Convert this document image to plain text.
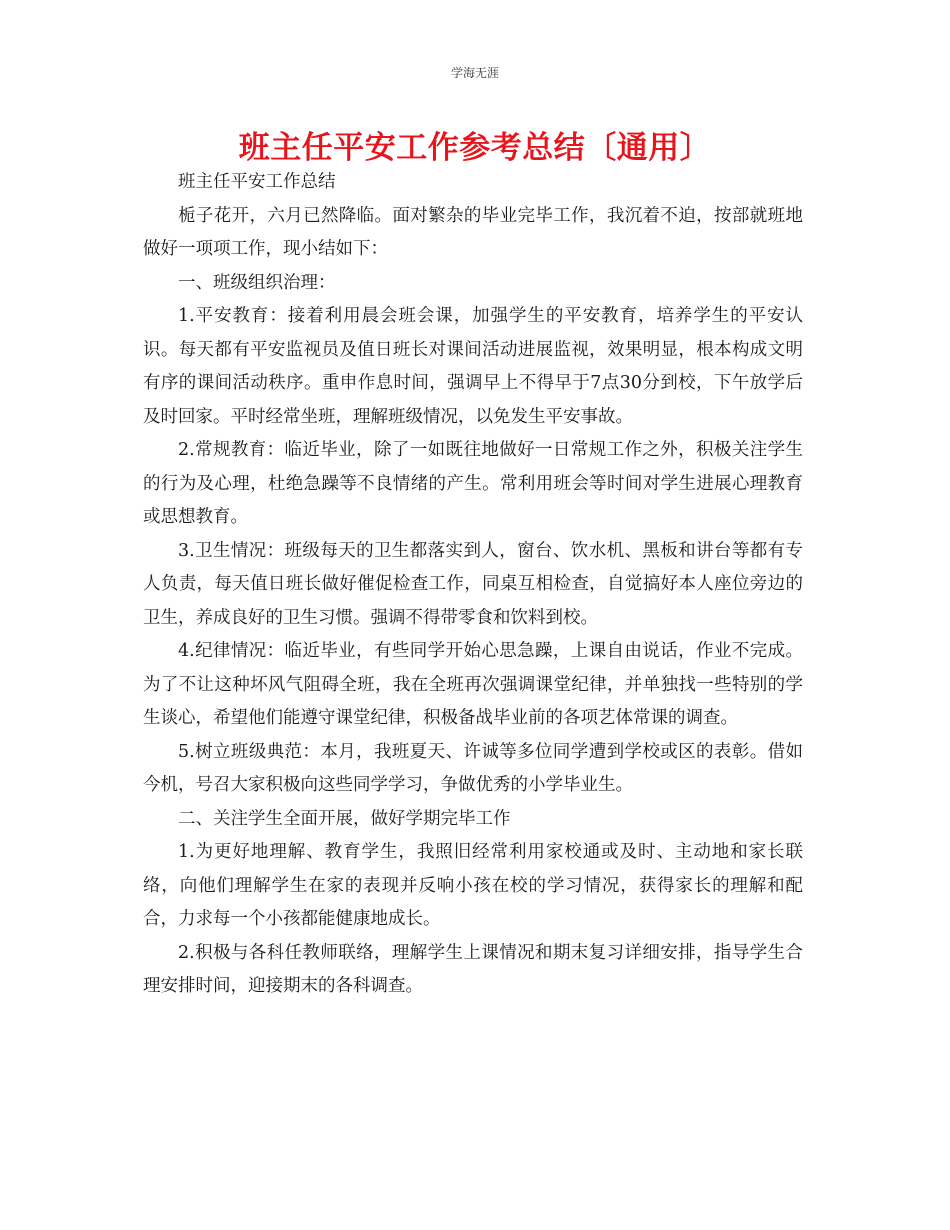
学海无涯
班主任平安工作参考总结〔通用〕

班主任平安工作总结

栀子花开，六月已然降临。面对繁杂的毕业完毕工作，我沉着不迫，按部就班地做好一项项工作，现小结如下：

一、班级组织治理：

1.平安教育：接着利用晨会班会课，加强学生的平安教育，培养学生的平安认识。每天都有平安监视员及值日班长对课间活动进展监视，效果明显，根本构成文明有序的课间活动秩序。重申作息时间，强调早上不得早于7点30分到校，下午放学后及时回家。平时经常坐班，理解班级情况，以免发生平安事故。

2.常规教育：临近毕业，除了一如既往地做好一日常规工作之外，积极关注学生的行为及心理，杜绝急躁等不良情绪的产生。常利用班会等时间对学生进展心理教育或思想教育。

3.卫生情况：班级每天的卫生都落实到人，窗台、饮水机、黑板和讲台等都有专人负责，每天值日班长做好催促检查工作，同桌互相检查，自觉搞好本人座位旁边的卫生，养成良好的卫生习惯。强调不得带零食和饮料到校。

4.纪律情况：临近毕业，有些同学开始心思急躁，上课自由说话，作业不完成。为了不让这种坏风气阻碍全班，我在全班再次强调课堂纪律，并单独找一些特别的学生谈心，希望他们能遵守课堂纪律，积极备战毕业前的各项艺体常课的调查。

5.树立班级典范：本月，我班夏天、许诚等多位同学遭到学校或区的表彰。借如今机，号召大家积极向这些同学学习，争做优秀的小学毕业生。

二、关注学生全面开展，做好学期完毕工作

1.为更好地理解、教育学生，我照旧经常利用家校通或及时、主动地和家长联络，向他们理解学生在家的表现并反响小孩在校的学习情况，获得家长的理解和配合，力求每一个小孩都能健康地成长。

2.积极与各科任教师联络，理解学生上课情况和期末复习详细安排，指导学生合理安排时间，迎接期末的各科调查。
